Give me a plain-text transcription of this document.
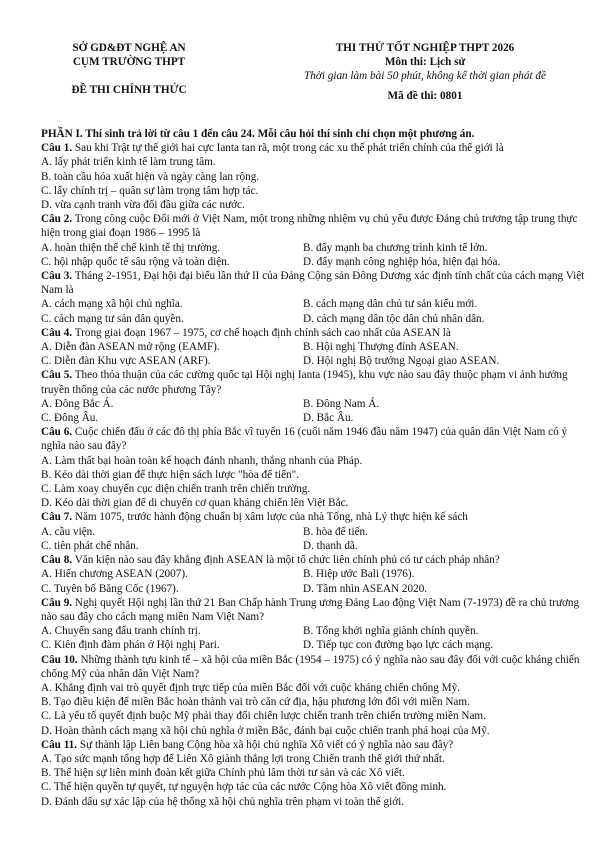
SỞ GD&ĐT NGHỆ AN
CỤM TRƯỜNG THPT
ĐỀ THI CHÍNH THỨC
THI THỬ TỐT NGHIỆP THPT 2026
Môn thi: Lịch sử
Thời gian làm bài 50 phút, không kể thời gian phát đề
Mã đề thi: 0801
PHẦN I. Thí sinh trả lời từ câu 1 đến câu 24. Mỗi câu hỏi thí sinh chỉ chọn một phương án.
Câu 1. Sau khi Trật tự thế giới hai cực Ianta tan rã, một trong các xu thế phát triển chính của thế giới là
A. lấy phát triển kinh tế làm trung tâm.
B. toàn cầu hóa xuất hiện và ngày càng lan rộng.
C. lấy chính trị – quân sự làm trọng tâm hợp tác.
D. vừa cạnh tranh vừa đối đầu giữa các nước.
Câu 2. Trong công cuộc Đổi mới ở Việt Nam, một trong những nhiệm vụ chủ yếu được Đảng chủ trương tập trung thực hiện trong giai đoạn 1986 – 1995 là
A. hoàn thiện thể chế kinh tế thị trường.	B. đẩy mạnh ba chương trình kinh tế lớn.
C. hội nhập quốc tế sâu rộng và toàn diện.	D. đẩy mạnh công nghiệp hóa, hiện đại hóa.
Câu 3. Tháng 2-1951, Đại hội đại biểu lần thứ II của Đảng Cộng sản Đông Dương xác định tính chất của cách mạng Việt Nam là
A. cách mạng xã hội chủ nghĩa.	B. cách mạng dân chủ tư sản kiểu mới.
C. cách mạng tư sản dân quyền.	D. cách mạng dân tộc dân chủ nhân dân.
Câu 4. Trong giai đoạn 1967 – 1975, cơ chế hoạch định chính sách cao nhất của ASEAN là
A. Diễn đàn ASEAN mở rộng (EAMF).	B. Hội nghị Thượng đỉnh ASEAN.
C. Diễn đàn Khu vực ASEAN (ARF).	D. Hội nghị Bộ trưởng Ngoại giao ASEAN.
Câu 5. Theo thỏa thuận của các cường quốc tại Hội nghị Ianta (1945), khu vực nào sau đây thuộc phạm vi ảnh hưởng truyền thống của các nước phương Tây?
A. Đông Bắc Á.	B. Đông Nam Á.
C. Đông Âu.	D. Bắc Âu.
Câu 6. Cuộc chiến đấu ở các đô thị phía Bắc vĩ tuyến 16 (cuối năm 1946 đầu năm 1947) của quân dân Việt Nam có ý nghĩa nào sau đây?
A. Làm thất bại hoàn toàn kế hoạch đánh nhanh, thắng nhanh của Pháp.
B. Kéo dài thời gian để thực hiện sách lược "hòa để tiến".
C. Làm xoay chuyển cục diện chiến tranh trên chiến trường.
D. Kéo dài thời gian để di chuyển cơ quan kháng chiến lên Việt Bắc.
Câu 7. Năm 1075, trước hành động chuẩn bị xâm lược của nhà Tống, nhà Lý thực hiện kế sách
A. cầu viện.	B. hòa để tiến.
C. tiên phát chế nhân.	D. thanh dã.
Câu 8. Văn kiện nào sau đây khẳng định ASEAN là một tổ chức liên chính phủ có tư cách pháp nhân?
A. Hiến chương ASEAN (2007).	B. Hiệp ước Bali (1976).
C. Tuyên bố Băng Cốc (1967).	D. Tầm nhìn ASEAN 2020.
Câu 9. Nghị quyết Hội nghị lần thứ 21 Ban Chấp hành Trung ương Đảng Lao động Việt Nam (7-1973) đề ra chủ trương nào sau đây cho cách mạng miền Nam Việt Nam?
A. Chuyển sang đấu tranh chính trị.	B. Tổng khởi nghĩa giành chính quyền.
C. Kiên định đàm phán ở Hội nghị Pari.	D. Tiếp tục con đường bạo lực cách mạng.
Câu 10. Những thành tựu kinh tế – xã hội của miền Bắc (1954 – 1975) có ý nghĩa nào sau đây đối với cuộc kháng chiến chống Mỹ của nhân dân Việt Nam?
A. Khẳng định vai trò quyết định trực tiếp của miền Bắc đối với cuộc kháng chiến chống Mỹ.
B. Tạo điều kiện để miền Bắc hoàn thành vai trò căn cứ địa, hậu phương lớn đối với miền Nam.
C. Là yếu tố quyết định buộc Mỹ phải thay đổi chiến lược chiến tranh trên chiến trường miền Nam.
D. Hoàn thành cách mạng xã hội chủ nghĩa ở miền Bắc, đánh bại cuộc chiến tranh phá hoại của Mỹ.
Câu 11. Sự thành lập Liên bang Cộng hòa xã hội chủ nghĩa Xô viết có ý nghĩa nào sau đây?
A. Tạo sức mạnh tổng hợp để Liên Xô giành thắng lợi trong Chiến tranh thế giới thứ nhất.
B. Thể hiện sự liên minh đoàn kết giữa Chính phủ lâm thời tư sản và các Xô viết.
C. Thể hiện quyền tự quyết, tự nguyện hợp tác của các nước Cộng hòa Xô viết đồng minh.
D. Đánh dấu sự xác lập của hệ thống xã hội chủ nghĩa trên phạm vi toàn thế giới.
